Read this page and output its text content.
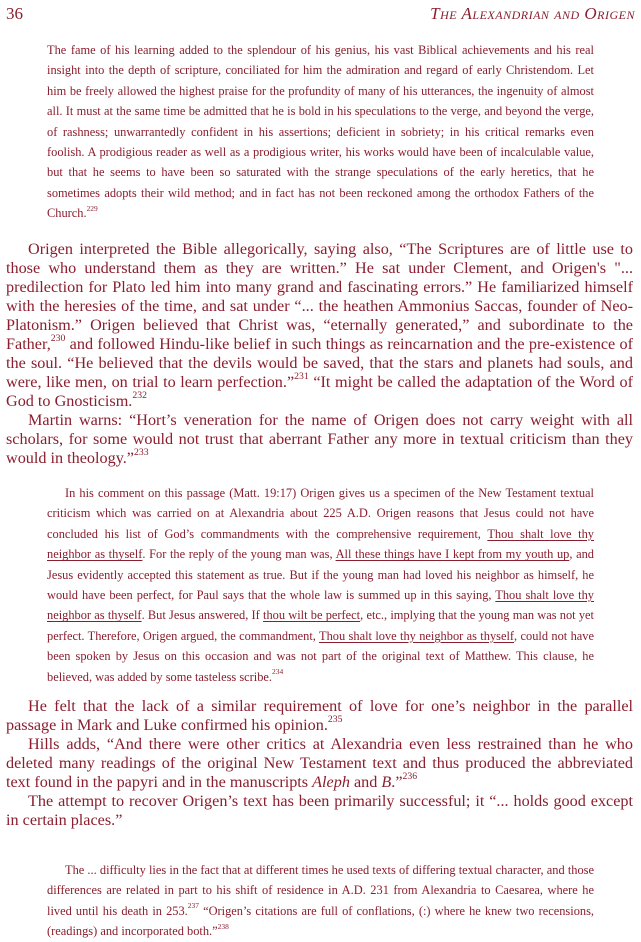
36	The Alexandrian and Origen
The fame of his learning added to the splendour of his genius, his vast Biblical achievements and his real insight into the depth of scripture, conciliated for him the admiration and regard of early Christendom. Let him be freely allowed the highest praise for the profundity of many of his utterances, the ingenuity of almost all. It must at the same time be admitted that he is bold in his speculations to the verge, and beyond the verge, of rashness; unwarrantedly confident in his assertions; deficient in sobriety; in his critical remarks even foolish. A prodigious reader as well as a prodigious writer, his works would have been of incalculable value, but that he seems to have been so saturated with the strange speculations of the early heretics, that he sometimes adopts their wild method; and in fact has not been reckoned among the orthodox Fathers of the Church.$^{229}$

Origen interpreted the Bible allegorically, saying also, “The Scriptures are of little use to those who understand them as they are written.” He sat under Clement, and Origen's "... predilection for Plato led him into many grand and fascinating errors.” He familiarized himself with the heresies of the time, and sat under “... the heathen Ammonius Saccas, founder of Neo-Platonism.” Origen believed that Christ was, “eternally generated,” and subordinate to the Father,$^{230}$ and followed Hindu-like belief in such things as reincarnation and the pre-existence of the soul. “He believed that the devils would be saved, that the stars and planets had souls, and were, like men, on trial to learn perfection.”$^{231}$ “It might be called the adaptation of the Word of God to Gnosticism.$^{232}$

Martin warns: “Hort’s veneration for the name of Origen does not carry weight with all scholars, for some would not trust that aberrant Father any more in textual criticism than they would in theology.”$^{233}$

In his comment on this passage (Matt. 19:17) Origen gives us a specimen of the New Testament textual criticism which was carried on at Alexandria about 225 A.D. Origen reasons that Jesus could not have concluded his list of God’s commandments with the comprehensive requirement, Thou shalt love thy neighbor as thyself. For the reply of the young man was, All these things have I kept from my youth up, and Jesus evidently accepted this statement as true. But if the young man had loved his neighbor as himself, he would have been perfect, for Paul says that the whole law is summed up in this saying, Thou shalt love thy neighbor as thyself. But Jesus answered, If thou wilt be perfect, etc., implying that the young man was not yet perfect. Therefore, Origen argued, the commandment, Thou shalt love thy neighbor as thyself, could not have been spoken by Jesus on this occasion and was not part of the original text of Matthew. This clause, he believed, was added by some tasteless scribe.$^{234}$

He felt that the lack of a similar requirement of love for one’s neighbor in the parallel passage in Mark and Luke confirmed his opinion.$^{235}$

Hills adds, “And there were other critics at Alexandria even less restrained than he who deleted many readings of the original New Testament text and thus produced the abbreviated text found in the papyri and in the manuscripts Aleph and B.”$^{236}$

The attempt to recover Origen’s text has been primarily successful; it “... holds good except in certain places.”

The ... difficulty lies in the fact that at different times he used texts of differing textual character, and those differences are related in part to his shift of residence in A.D. 231 from Alexandria to Caesarea, where he lived until his death in 253.$^{237}$ “Origen’s citations are full of conflations, (:) where he knew two recensions, (readings) and incorporated both.”$^{238}$
